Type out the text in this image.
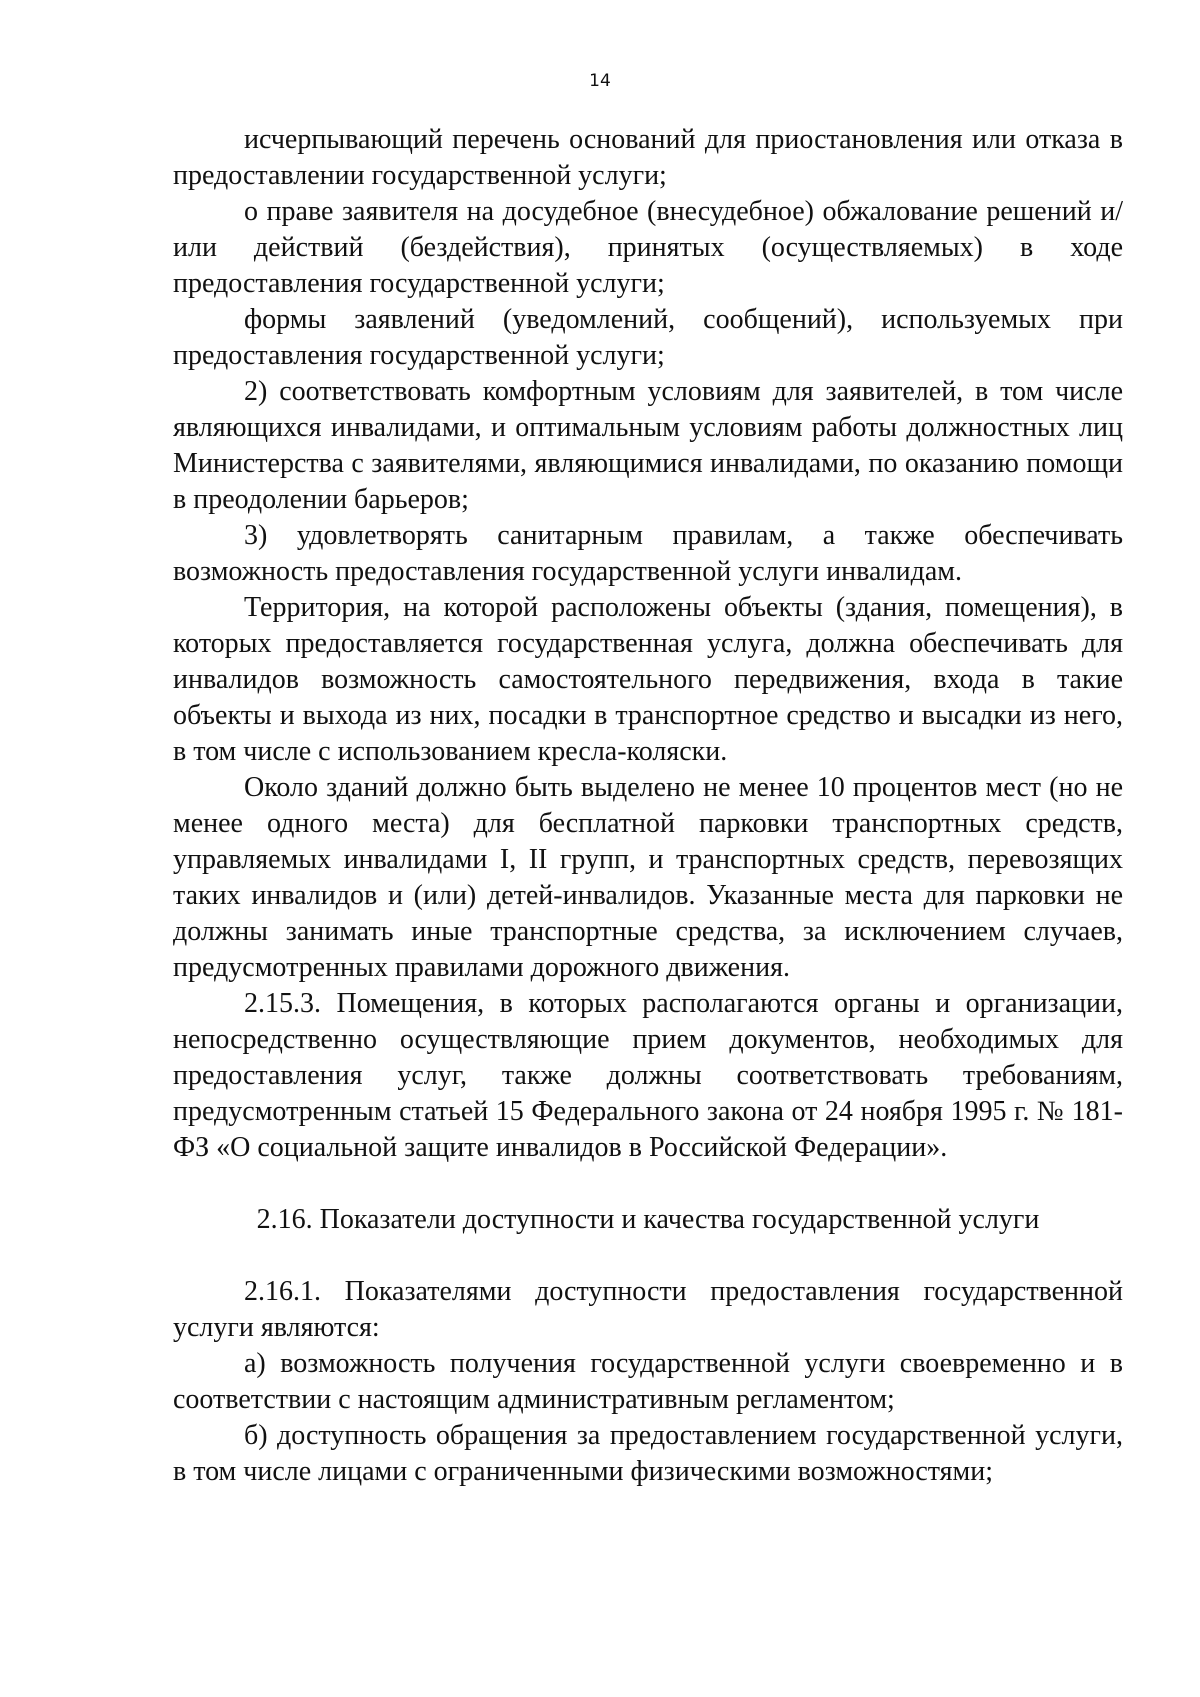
14

исчерпывающий перечень оснований для приостановления или отказа в предоставлении государственной услуги;

о праве заявителя на досудебное (внесудебное) обжалование решений и/или действий (бездействия), принятых (осуществляемых) в ходе предоставления государственной услуги;

формы заявлений (уведомлений, сообщений), используемых при предоставления государственной услуги;

2) соответствовать комфортным условиям для заявителей, в том числе являющихся инвалидами, и оптимальным условиям работы должностных лиц Министерства с заявителями, являющимися инвалидами, по оказанию помощи в преодолении барьеров;

3) удовлетворять санитарным правилам, а также обеспечивать возможность предоставления государственной услуги инвалидам.

Территория, на которой расположены объекты (здания, помещения), в которых предоставляется государственная услуга, должна обеспечивать для инвалидов возможность самостоятельного передвижения, входа в такие объекты и выхода из них, посадки в транспортное средство и высадки из него, в том числе с использованием кресла-коляски.

Около зданий должно быть выделено не менее 10 процентов мест (но не менее одного места) для бесплатной парковки транспортных средств, управляемых инвалидами I, II групп, и транспортных средств, перевозящих таких инвалидов и (или) детей-инвалидов. Указанные места для парковки не должны занимать иные транспортные средства, за исключением случаев, предусмотренных правилами дорожного движения.

2.15.3. Помещения, в которых располагаются органы и организации, непосредственно осуществляющие прием документов, необходимых для предоставления услуг, также должны соответствовать требованиям, предусмотренным статьей 15 Федерального закона от 24 ноября 1995 г. № 181-ФЗ «О социальной защите инвалидов в Российской Федерации».

2.16. Показатели доступности и качества государственной услуги

2.16.1. Показателями доступности предоставления государственной услуги являются:

а) возможность получения государственной услуги своевременно и в соответствии с настоящим административным регламентом;

б) доступность обращения за предоставлением государственной услуги, в том числе лицами с ограниченными физическими возможностями;
